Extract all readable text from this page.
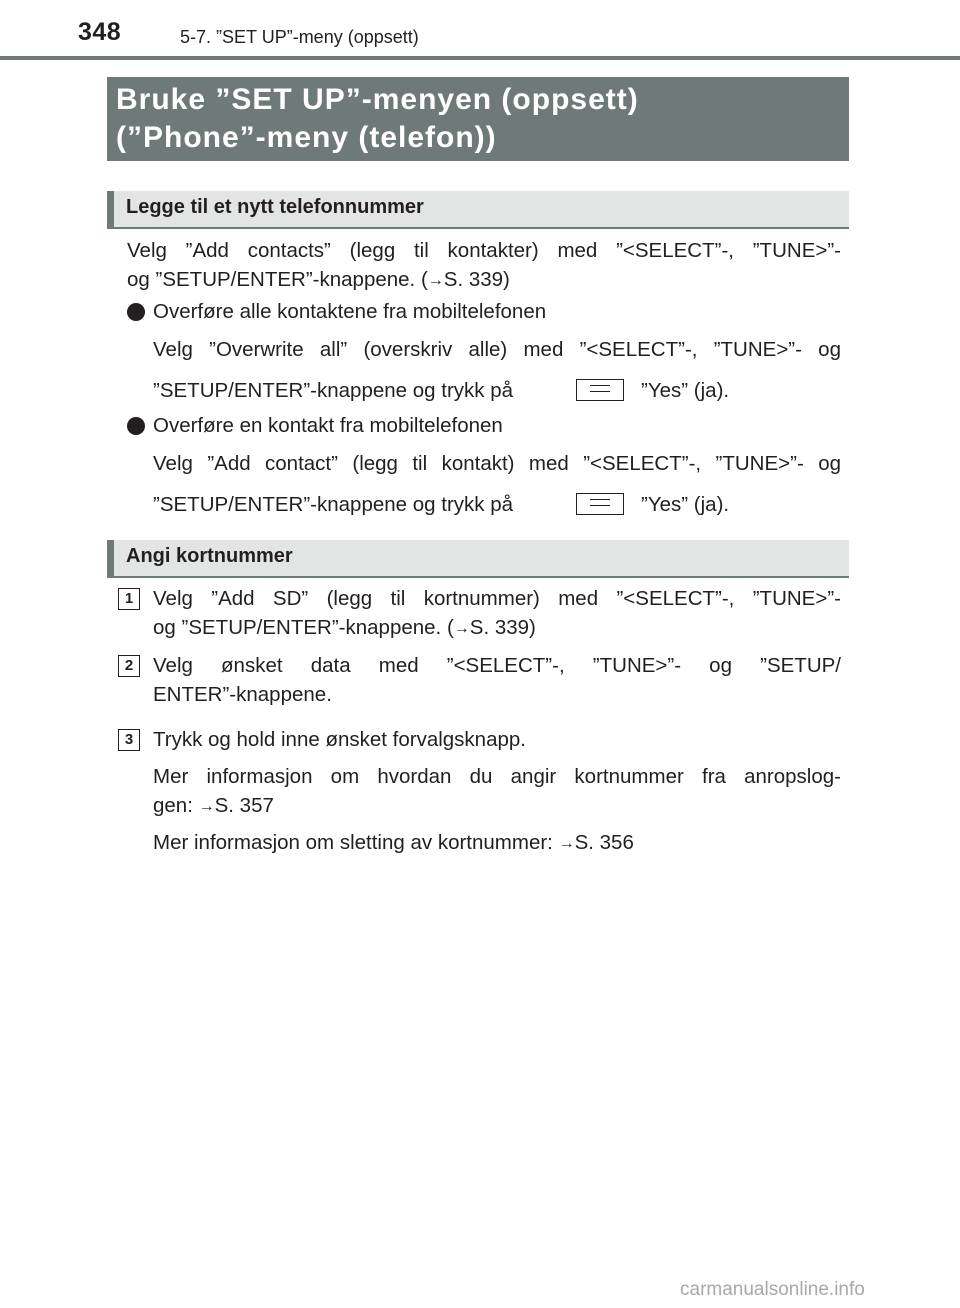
348	5-7. ”SET UP”-meny (oppsett)
Bruke ”SET UP”-menyen (oppsett)
(”Phone”-meny (telefon))
Legge til et nytt telefonnummer
Velg ”Add contacts” (legg til kontakter) med ”<SELECT”-, ”TUNE>”-
og ”SETUP/ENTER”-knappene. (→S. 339)
Overføre alle kontaktene fra mobiltelefonen
Velg ”Overwrite all” (overskriv alle) med ”<SELECT”-, ”TUNE>”- og
”SETUP/ENTER”-knappene og trykk på	”Yes” (ja).
Overføre en kontakt fra mobiltelefonen
Velg ”Add contact” (legg til kontakt) med ”<SELECT”-, ”TUNE>”- og
”SETUP/ENTER”-knappene og trykk på	”Yes” (ja).
Angi kortnummer
1 Velg ”Add SD” (legg til kortnummer) med ”<SELECT”-, ”TUNE>”-
og ”SETUP/ENTER”-knappene. (→S. 339)
2 Velg ønsket data med ”<SELECT”-, ”TUNE>”- og ”SETUP/
ENTER”-knappene.
3 Trykk og hold inne ønsket forvalgsknapp.
Mer informasjon om hvordan du angir kortnummer fra anropslog-
gen: →S. 357
Mer informasjon om sletting av kortnummer: →S. 356
carmanualsonline.info
